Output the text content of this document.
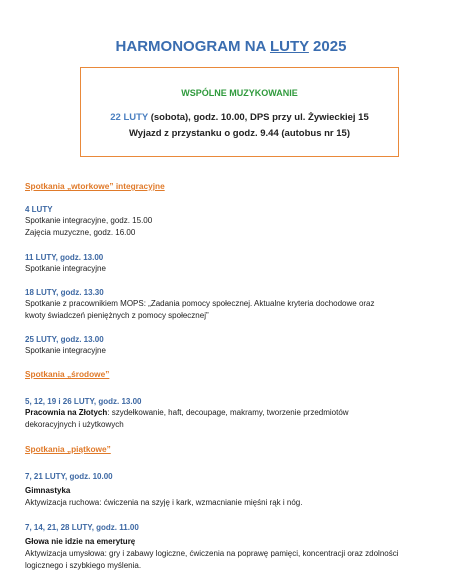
HARMONOGRAM NA LUTY 2025
WSPÓLNE MUZYKOWANIE
22 LUTY (sobota), godz. 10.00, DPS przy ul. Żywieckiej 15
Wyjazd z przystanku o godz. 9.44 (autobus nr 15)
Spotkania „wtorkowe” integracyjne
4 LUTY
Spotkanie integracyjne, godz. 15.00
Zajęcia muzyczne, godz. 16.00
11 LUTY, godz. 13.00
Spotkanie integracyjne
18 LUTY, godz. 13.30
Spotkanie z pracownikiem MOPS: „Zadania pomocy społecznej. Aktualne kryteria dochodowe oraz
kwoty świadczeń pieniężnych z pomocy społecznej”
25 LUTY, godz. 13.00
Spotkanie integracyjne
Spotkania „środowe”
5, 12, 19 i 26 LUTY, godz. 13.00
Pracownia na Złotych: szydełkowanie, haft, decoupage, makramy, tworzenie przedmiotów
dekoracyjnych i użytkowych
Spotkania „piątkowe”
7, 21 LUTY, godz. 10.00
Gimnastyka
Aktywizacja ruchowa: ćwiczenia na szyję i kark, wzmacnianie mięśni rąk i nóg.
7, 14, 21, 28 LUTY, godz. 11.00
Głowa nie idzie na emeryturę
Aktywizacja umysłowa: gry i zabawy logiczne, ćwiczenia na poprawę pamięci, koncentracji oraz zdolności
logicznego i szybkiego myślenia.
